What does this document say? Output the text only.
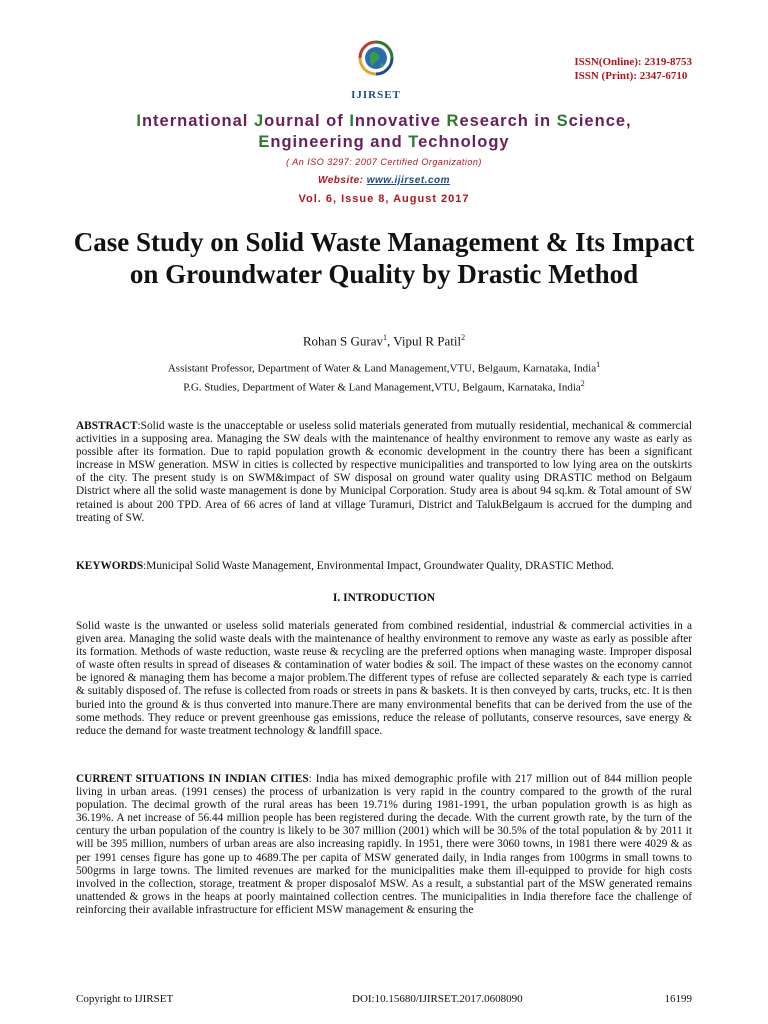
IJIRSET
ISSN(Online): 2319-8753
ISSN (Print): 2347-6710
International Journal of Innovative Research in Science,
Engineering and Technology
( An ISO 3297: 2007 Certified Organization)
Website: www.ijirset.com
Vol. 6, Issue 8, August 2017
Case Study on Solid Waste Management & Its Impact on Groundwater Quality by Drastic Method
Rohan S Gurav$^1$, Vipul R Patil$^2$
Assistant Professor, Department of Water & Land Management,VTU, Belgaum, Karnataka, India$^1$
P.G. Studies, Department of Water & Land Management,VTU, Belgaum, Karnataka, India$^2$
ABSTRACT:Solid waste is the unacceptable or useless solid materials generated from mutually residential, mechanical & commercial activities in a supposing area. Managing the SW deals with the maintenance of healthy environment to remove any waste as early as possible after its formation. Due to rapid population growth & economic development in the country there has been a significant increase in MSW generation. MSW in cities is collected by respective municipalities and transported to low lying area on the outskirts of the city. The present study is on SWM&impact of SW disposal on ground water quality using DRASTIC method on Belgaum District where all the solid waste management is done by Municipal Corporation. Study area is about 94 sq.km. & Total amount of SW retained is about 200 TPD. Area of 66 acres of land at village Turamuri, District and TalukBelgaum is accrued for the dumping and treating of SW.
KEYWORDS:Municipal Solid Waste Management, Environmental Impact, Groundwater Quality, DRASTIC Method.
I. INTRODUCTION
Solid waste is the unwanted or useless solid materials generated from combined residential, industrial & commercial activities in a given area. Managing the solid waste deals with the maintenance of healthy environment to remove any waste as early as possible after its formation. Methods of waste reduction, waste reuse & recycling are the preferred options when managing waste. Improper disposal of waste often results in spread of diseases & contamination of water bodies & soil. The impact of these wastes on the economy cannot be ignored & managing them has become a major problem.The different types of refuse are collected separately & each type is carried & suitably disposed of. The refuse is collected from roads or streets in pans & baskets. It is then conveyed by carts, trucks, etc. It is then buried into the ground & is thus converted into manure.There are many environmental benefits that can be derived from the use of the some methods. They reduce or prevent greenhouse gas emissions, reduce the release of pollutants, conserve resources, save energy & reduce the demand for waste treatment technology & landfill space.
CURRENT SITUATIONS IN INDIAN CITIES: India has mixed demographic profile with 217 million out of 844 million people living in urban areas. (1991 censes) the process of urbanization is very rapid in the country compared to the growth of the rural population. The decimal growth of the rural areas has been 19.71% during 1981-1991, the urban population growth is as high as 36.19%. A net increase of 56.44 million people has been registered during the decade. With the current growth rate, by the turn of the century the urban population of the country is likely to be 307 million (2001) which will be 30.5% of the total population & by 2011 it will be 395 million, numbers of urban areas are also increasing rapidly. In 1951, there were 3060 towns, in 1981 there were 4029 & as per 1991 censes figure has gone up to 4689.The per capita of MSW generated daily, in India ranges from 100grms in small towns to 500grms in large towns. The limited revenues are marked for the municipalities make them ill-equipped to provide for high costs involved in the collection, storage, treatment & proper disposalof MSW. As a result, a substantial part of the MSW generated remains unattended & grows in the heaps at poorly maintained collection centres. The municipalities in India therefore face the challenge of reinforcing their available infrastructure for efficient MSW management & ensuring the
Copyright to IJIRSET	DOI:10.15680/IJIRSET.2017.0608090	16199
